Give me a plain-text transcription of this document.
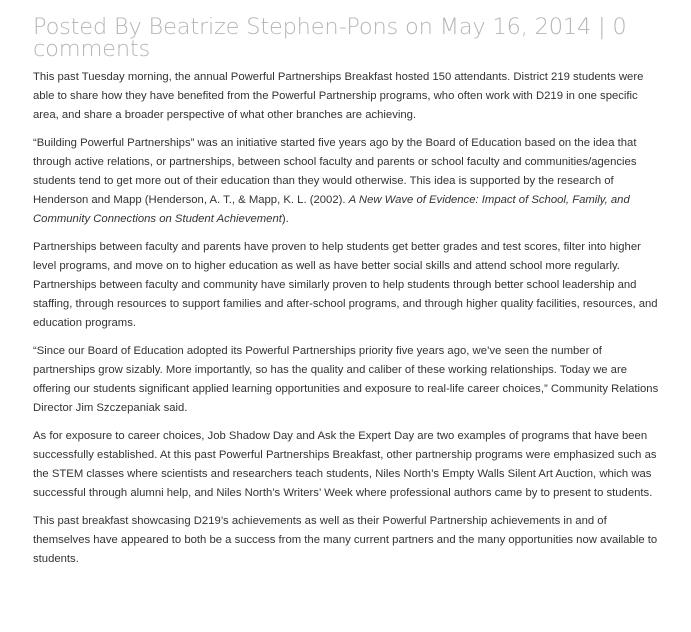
Posted By Beatrize Stephen-Pons on May 16, 2014 | 0 comments

This past Tuesday morning, the annual Powerful Partnerships Breakfast hosted 150 attendants. District 219 students were able to share how they have benefited from the Powerful Partnership programs, who often work with D219 in one specific area, and share a broader perspective of what other branches are achieving.

“Building Powerful Partnerships” was an initiative started five years ago by the Board of Education based on the idea that through active relations, or partnerships, between school faculty and parents or school faculty and communities/agencies students tend to get more out of their education than they would otherwise. This idea is supported by the research of Henderson and Mapp (Henderson, A. T., & Mapp, K. L. (2002). A New Wave of Evidence: Impact of School, Family, and Community Connections on Student Achievement).

Partnerships between faculty and parents have proven to help students get better grades and test scores, filter into higher level programs, and move on to higher education as well as have better social skills and attend school more regularly. Partnerships between faculty and community have similarly proven to help students through better school leadership and staffing, through resources to support families and after-school programs, and through higher quality facilities, resources, and education programs.

“Since our Board of Education adopted its Powerful Partnerships priority five years ago, we’ve seen the number of partnerships grow sizably. More importantly, so has the quality and caliber of these working relationships. Today we are offering our students significant applied learning opportunities and exposure to real-life career choices,” Community Relations Director Jim Szczepaniak said.

As for exposure to career choices, Job Shadow Day and Ask the Expert Day are two examples of programs that have been successfully established. At this past Powerful Partnerships Breakfast, other partnership programs were emphasized such as the STEM classes where scientists and researchers teach students, Niles North’s Empty Walls Silent Art Auction, which was successful through alumni help, and Niles North’s Writers’ Week where professional authors came by to present to students.

This past breakfast showcasing D219’s achievements as well as their Powerful Partnership achievements in and of themselves have appeared to both be a success from the many current partners and the many opportunities now available to students.
